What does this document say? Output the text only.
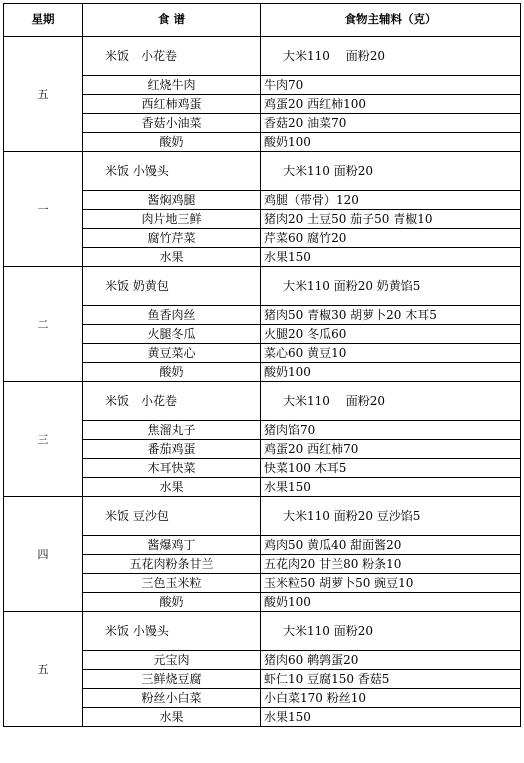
星期	食 谱	食物主辅料（克）
五	米饭　小花卷	大米110　 面粉20
	红烧牛肉	牛肉70
	西红柿鸡蛋	鸡蛋20 西红柿100
	香菇小油菜	香菇20 油菜70
	酸奶	酸奶100
一	米饭 小馒头	大米110 面粉20
	酱焖鸡腿	鸡腿（带骨）120
	肉片地三鲜	猪肉20 土豆50 茄子50 青椒10
	腐竹芹菜	芹菜60 腐竹20
	水果	水果150
二	米饭 奶黄包	大米110 面粉20 奶黄馅5
	鱼香肉丝	猪肉50 青椒30 胡萝卜20 木耳5
	火腿冬瓜	火腿20 冬瓜60
	黄豆菜心	菜心60 黄豆10
	酸奶	酸奶100
三	米饭　小花卷	大米110　 面粉20
	焦溜丸子	猪肉馅70
	番茄鸡蛋	鸡蛋20 西红柿70
	木耳快菜	快菜100 木耳5
	水果	水果150
四	米饭 豆沙包	大米110 面粉20 豆沙馅5
	酱爆鸡丁	鸡肉50 黄瓜40 甜面酱20
	五花肉粉条甘兰	五花肉20 甘兰80 粉条10
	三色玉米粒	玉米粒50 胡萝卜50 豌豆10
	酸奶	酸奶100
五	米饭 小馒头	大米110 面粉20
	元宝肉	猪肉60 鹌鹑蛋20
	三鲜烧豆腐	虾仁10 豆腐150 香菇5
	粉丝小白菜	小白菜170 粉丝10
	水果	水果150
